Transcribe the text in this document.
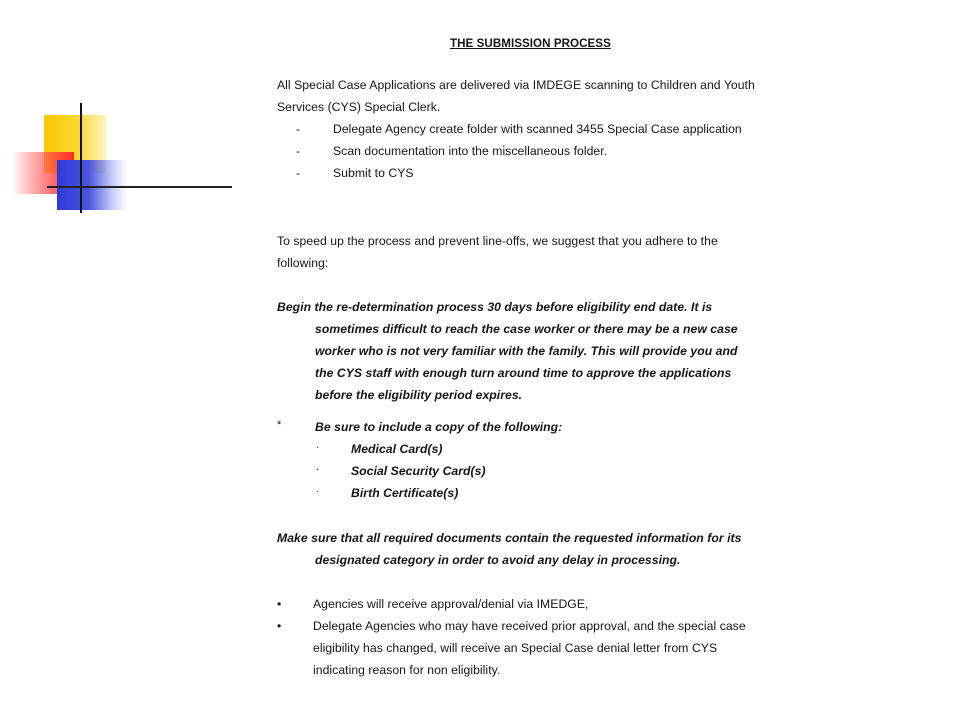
THE SUBMISSION PROCESS

All Special Case Applications are delivered via IMDEGE scanning to Children and Youth Services (CYS) Special Clerk.

-	Delegate Agency create folder with scanned 3455 Special Case application
-	Scan documentation into the miscellaneous folder.
-	Submit to CYS

To speed up the process and prevent line-offs, we suggest that you adhere to the following:

Begin the re-determination process 30 days before eligibility end date. It is
sometimes difficult to reach the case worker or there may be a new case worker who is not very familiar with the family. This will provide you and the CYS staff with enough turn around time to approve the applications before the eligibility period expires.
*	Be sure to include a copy of the following:
·	Medical Card(s)
·	Social Security Card(s)
·	Birth Certificate(s)
Make sure that all required documents contain the requested information for its
designated category in order to avoid any delay in processing.
•	Agencies will receive approval/denial via IMEDGE,
•	Delegate Agencies who may have received prior approval, and the special case eligibility has changed, will receive an Special Case denial letter from CYS indicating reason for non eligibility.
